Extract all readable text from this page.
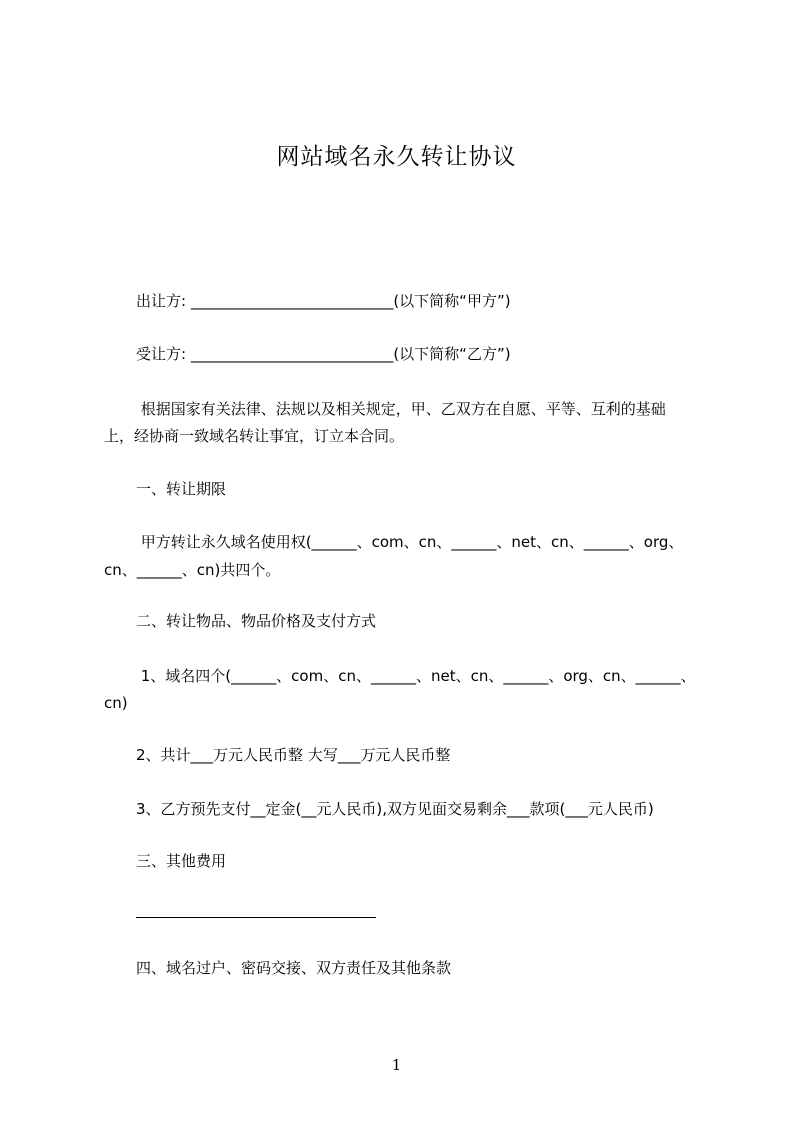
网站域名永久转让协议
出让方: ___________________________(以下简称“甲方”)
受让方: ___________________________(以下简称“乙方”)
根据国家有关法律、法规以及相关规定，甲、乙双方在自愿、平等、互利的基础
上，经协商一致域名转让事宜，订立本合同。
一、转让期限
甲方转让永久域名使用权(______、com、cn、______、net、cn、______、org、
cn、______、cn)共四个。
二、转让物品、物品价格及支付方式
1、域名四个(______、com、cn、______、net、cn、______、org、cn、______、
cn)
2、共计___万元人民币整 大写___万元人民币整
3、乙方预先支付__定金(__元人民币),双方见面交易剩余___款项(___元人民币)
三、其他费用
四、域名过户、密码交接、双方责任及其他条款
1
